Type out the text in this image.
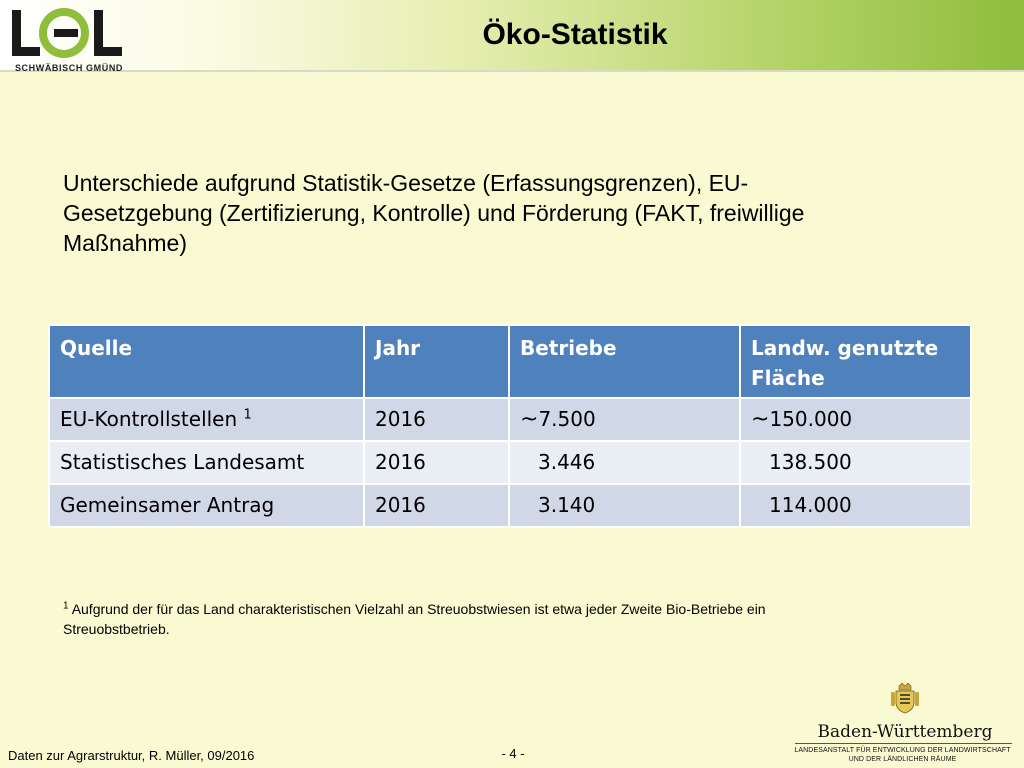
SCHWÄBISCH GMÜND
Öko-Statistik
Unterschiede aufgrund Statistik-Gesetze (Erfassungsgrenzen), EU-Gesetzgebung (Zertifizierung, Kontrolle) und Förderung (FAKT, freiwillige Maßnahme)
Quelle	Jahr	Betriebe	Landw. genutzte Fläche
EU-Kontrollstellen $^1$	2016	~7.500	~150.000
Statistisches Landesamt	2016	3.446	138.500
Gemeinsamer Antrag	2016	3.140	114.000
$^1$ Aufgrund der für das Land charakteristischen Vielzahl an Streuobstwiesen ist etwa jeder Zweite Bio-Betriebe ein Streuobstbetrieb.
Daten zur Agrarstruktur, R. Müller, 09/2016	- 4 -
Baden-Württemberg
LANDESANSTALT FÜR ENTWICKLUNG DER LANDWIRTSCHAFT
UND DER LÄNDLICHEN RÄUME
